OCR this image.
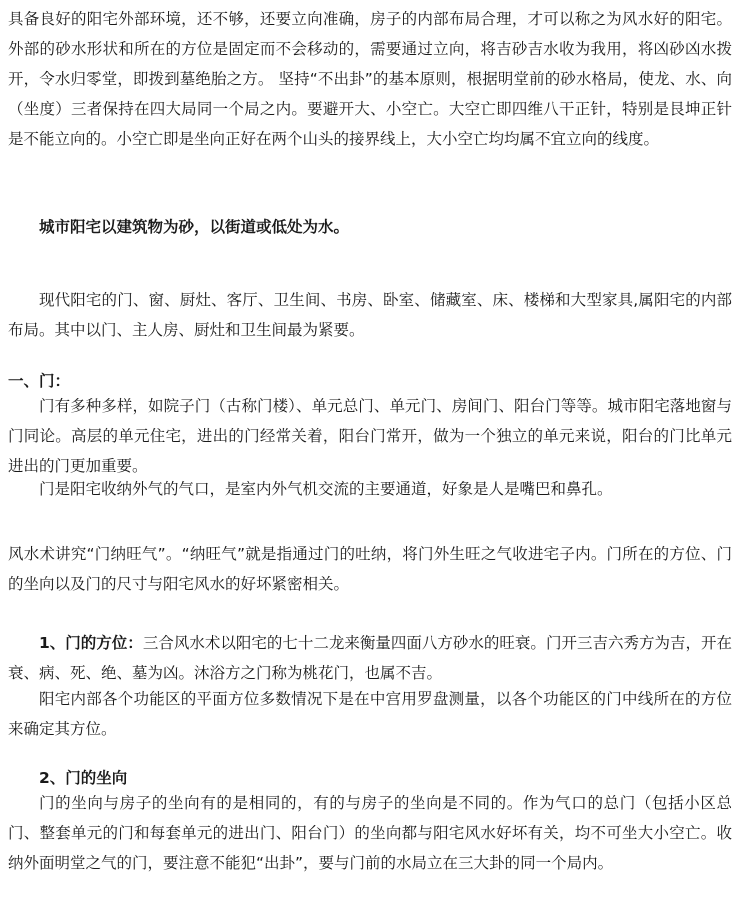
具备良好的阳宅外部环境，还不够，还要立向准确，房子的内部布局合理，才可以称之为风水好的阳宅。外部的砂水形状和所在的方位是固定而不会移动的，需要通过立向，将吉砂吉水收为我用，将凶砂凶水拨开，令水归零堂，即拨到墓绝胎之方。 坚持“不出卦”的基本原则，根据明堂前的砂水格局，使龙、水、向（坐度）三者保持在四大局同一个局之内。要避开大、小空亡。大空亡即四维八干正针，特别是艮坤正针是不能立向的。小空亡即是坐向正好在两个山头的接界线上，大小空亡均均属不宜立向的线度。

城市阳宅以建筑物为砂，以街道或低处为水。

现代阳宅的门、窗、厨灶、客厅、卫生间、书房、卧室、储藏室、床、楼梯和大型家具,属阳宅的内部布局。其中以门、主人房、厨灶和卫生间最为紧要。

一、门：

门有多种多样，如院子门（古称门楼）、单元总门、单元门、房间门、阳台门等等。城市阳宅落地窗与门同论。高层的单元住宅，进出的门经常关着，阳台门常开，做为一个独立的单元来说，阳台的门比单元进出的门更加重要。

门是阳宅收纳外气的气口，是室内外气机交流的主要通道，好象是人是嘴巴和鼻孔。

风水术讲究“门纳旺气”。“纳旺气”就是指通过门的吐纳，将门外生旺之气收进宅子内。门所在的方位、门的坐向以及门的尺寸与阳宅风水的好坏紧密相关。

1、门的方位：三合风水术以阳宅的七十二龙来衡量四面八方砂水的旺衰。门开三吉六秀方为吉，开在衰、病、死、绝、墓为凶。沐浴方之门称为桃花门，也属不吉。

阳宅内部各个功能区的平面方位多数情况下是在中宫用罗盘测量，以各个功能区的门中线所在的方位来确定其方位。

2、门的坐向

门的坐向与房子的坐向有的是相同的，有的与房子的坐向是不同的。作为气口的总门（包括小区总门、整套单元的门和每套单元的进出门、阳台门）的坐向都与阳宅风水好坏有关，均不可坐大小空亡。收纳外面明堂之气的门，要注意不能犯“出卦”，要与门前的水局立在三大卦的同一个局内。
